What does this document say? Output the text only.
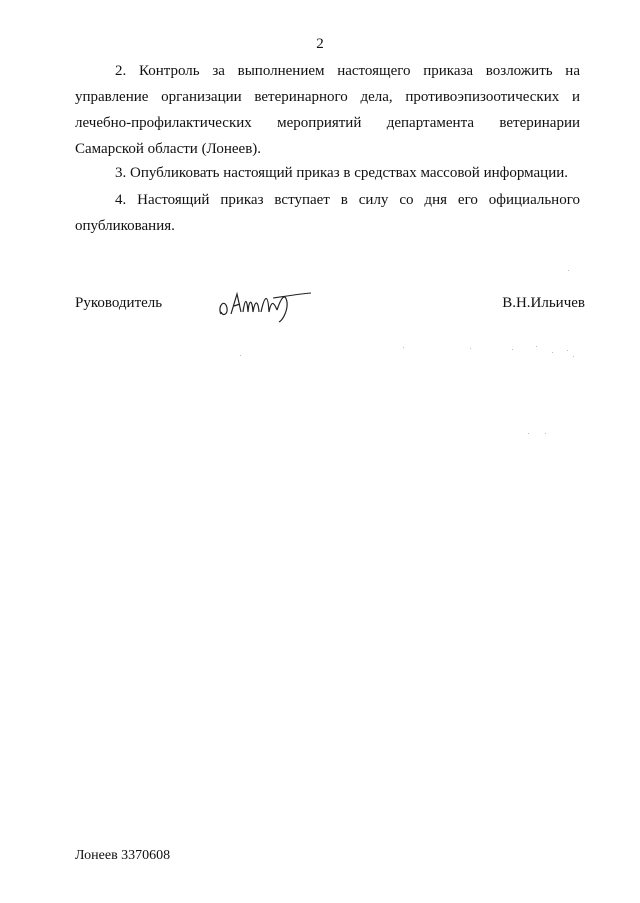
2

2. Контроль за выполнением настоящего приказа возложить на управление организации ветеринарного дела, противоэпизоотических и лечебно-профилактических мероприятий департамента ветеринарии Самарской области (Лонеев).

3. Опубликовать настоящий приказ в средствах массовой информации.

4. Настоящий приказ вступает в силу со дня его официального опубликования.

Руководитель	В.Н.Ильичев
Лонеев 3370608
